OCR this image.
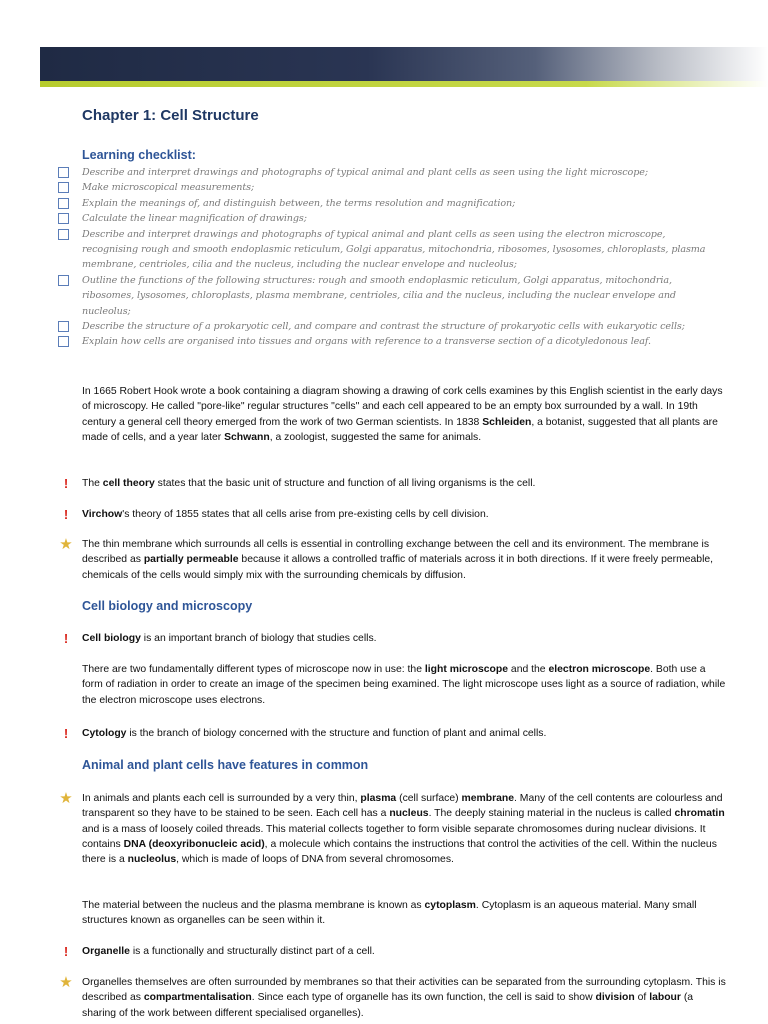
Chapter 1: Cell Structure
Learning checklist:
Describe and interpret drawings and photographs of typical animal and plant cells as seen using the light microscope;
Make microscopical measurements;
Explain the meanings of, and distinguish between, the terms resolution and magnification;
Calculate the linear magnification of drawings;
Describe and interpret drawings and photographs of typical animal and plant cells as seen using the electron microscope, recognising rough and smooth endoplasmic reticulum, Golgi apparatus, mitochondria, ribosomes, lysosomes, chloroplasts, plasma membrane, centrioles, cilia and the nucleus, including the nuclear envelope and nucleolus;
Outline the functions of the following structures: rough and smooth endoplasmic reticulum, Golgi apparatus, mitochondria, ribosomes, lysosomes, chloroplasts, plasma membrane, centrioles, cilia and the nucleus, including the nuclear envelope and nucleolus;
Describe the structure of a prokaryotic cell, and compare and contrast the structure of prokaryotic cells with eukaryotic cells;
Explain how cells are organised into tissues and organs with reference to a transverse section of a dicotyledonous leaf.
In 1665 Robert Hook wrote a book containing a diagram showing a drawing of cork cells examines by this English scientist in the early days of microscopy. He called "pore-like" regular structures "cells" and each cell appeared to be an empty box surrounded by a wall. In 19th century a general cell theory emerged from the work of two German scientists. In 1838 Schleiden, a botanist, suggested that all plants are made of cells, and a year later Schwann, a zoologist, suggested the same for animals.
!	The cell theory states that the basic unit of structure and function of all living organisms is the cell.
!	Virchow's theory of 1855 states that all cells arise from pre-existing cells by cell division.
★ The thin membrane which surrounds all cells is essential in controlling exchange between the cell and its environment. The membrane is described as partially permeable because it allows a controlled traffic of materials across it in both directions. If it were freely permeable, chemicals of the cells would simply mix with the surrounding chemicals by diffusion.
Cell biology and microscopy
!	Cell biology is an important branch of biology that studies cells.
There are two fundamentally different types of microscope now in use: the light microscope and the electron microscope. Both use a form of radiation in order to create an image of the specimen being examined. The light microscope uses light as a source of radiation, while the electron microscope uses electrons.
!	Cytology is the branch of biology concerned with the structure and function of plant and animal cells.
Animal and plant cells have features in common
★ In animals and plants each cell is surrounded by a very thin, plasma (cell surface) membrane. Many of the cell contents are colourless and transparent so they have to be stained to be seen. Each cell has a nucleus. The deeply staining material in the nucleus is called chromatin and is a mass of loosely coiled threads. This material collects together to form visible separate chromosomes during nuclear divisions. It contains DNA (deoxyribonucleic acid), a molecule which contains the instructions that control the activities of the cell. Within the nucleus there is a nucleolus, which is made of loops of DNA from several chromosomes.
The material between the nucleus and the plasma membrane is known as cytoplasm. Cytoplasm is an aqueous material. Many small structures known as organelles can be seen within it.
!	Organelle is a functionally and structurally distinct part of a cell.
★ Organelles themselves are often surrounded by membranes so that their activities can be separated from the surrounding cytoplasm. This is described as compartmentalisation. Since each type of organelle has its own function, the cell is said to show division of labour (a sharing of the work between different specialised organelles).
